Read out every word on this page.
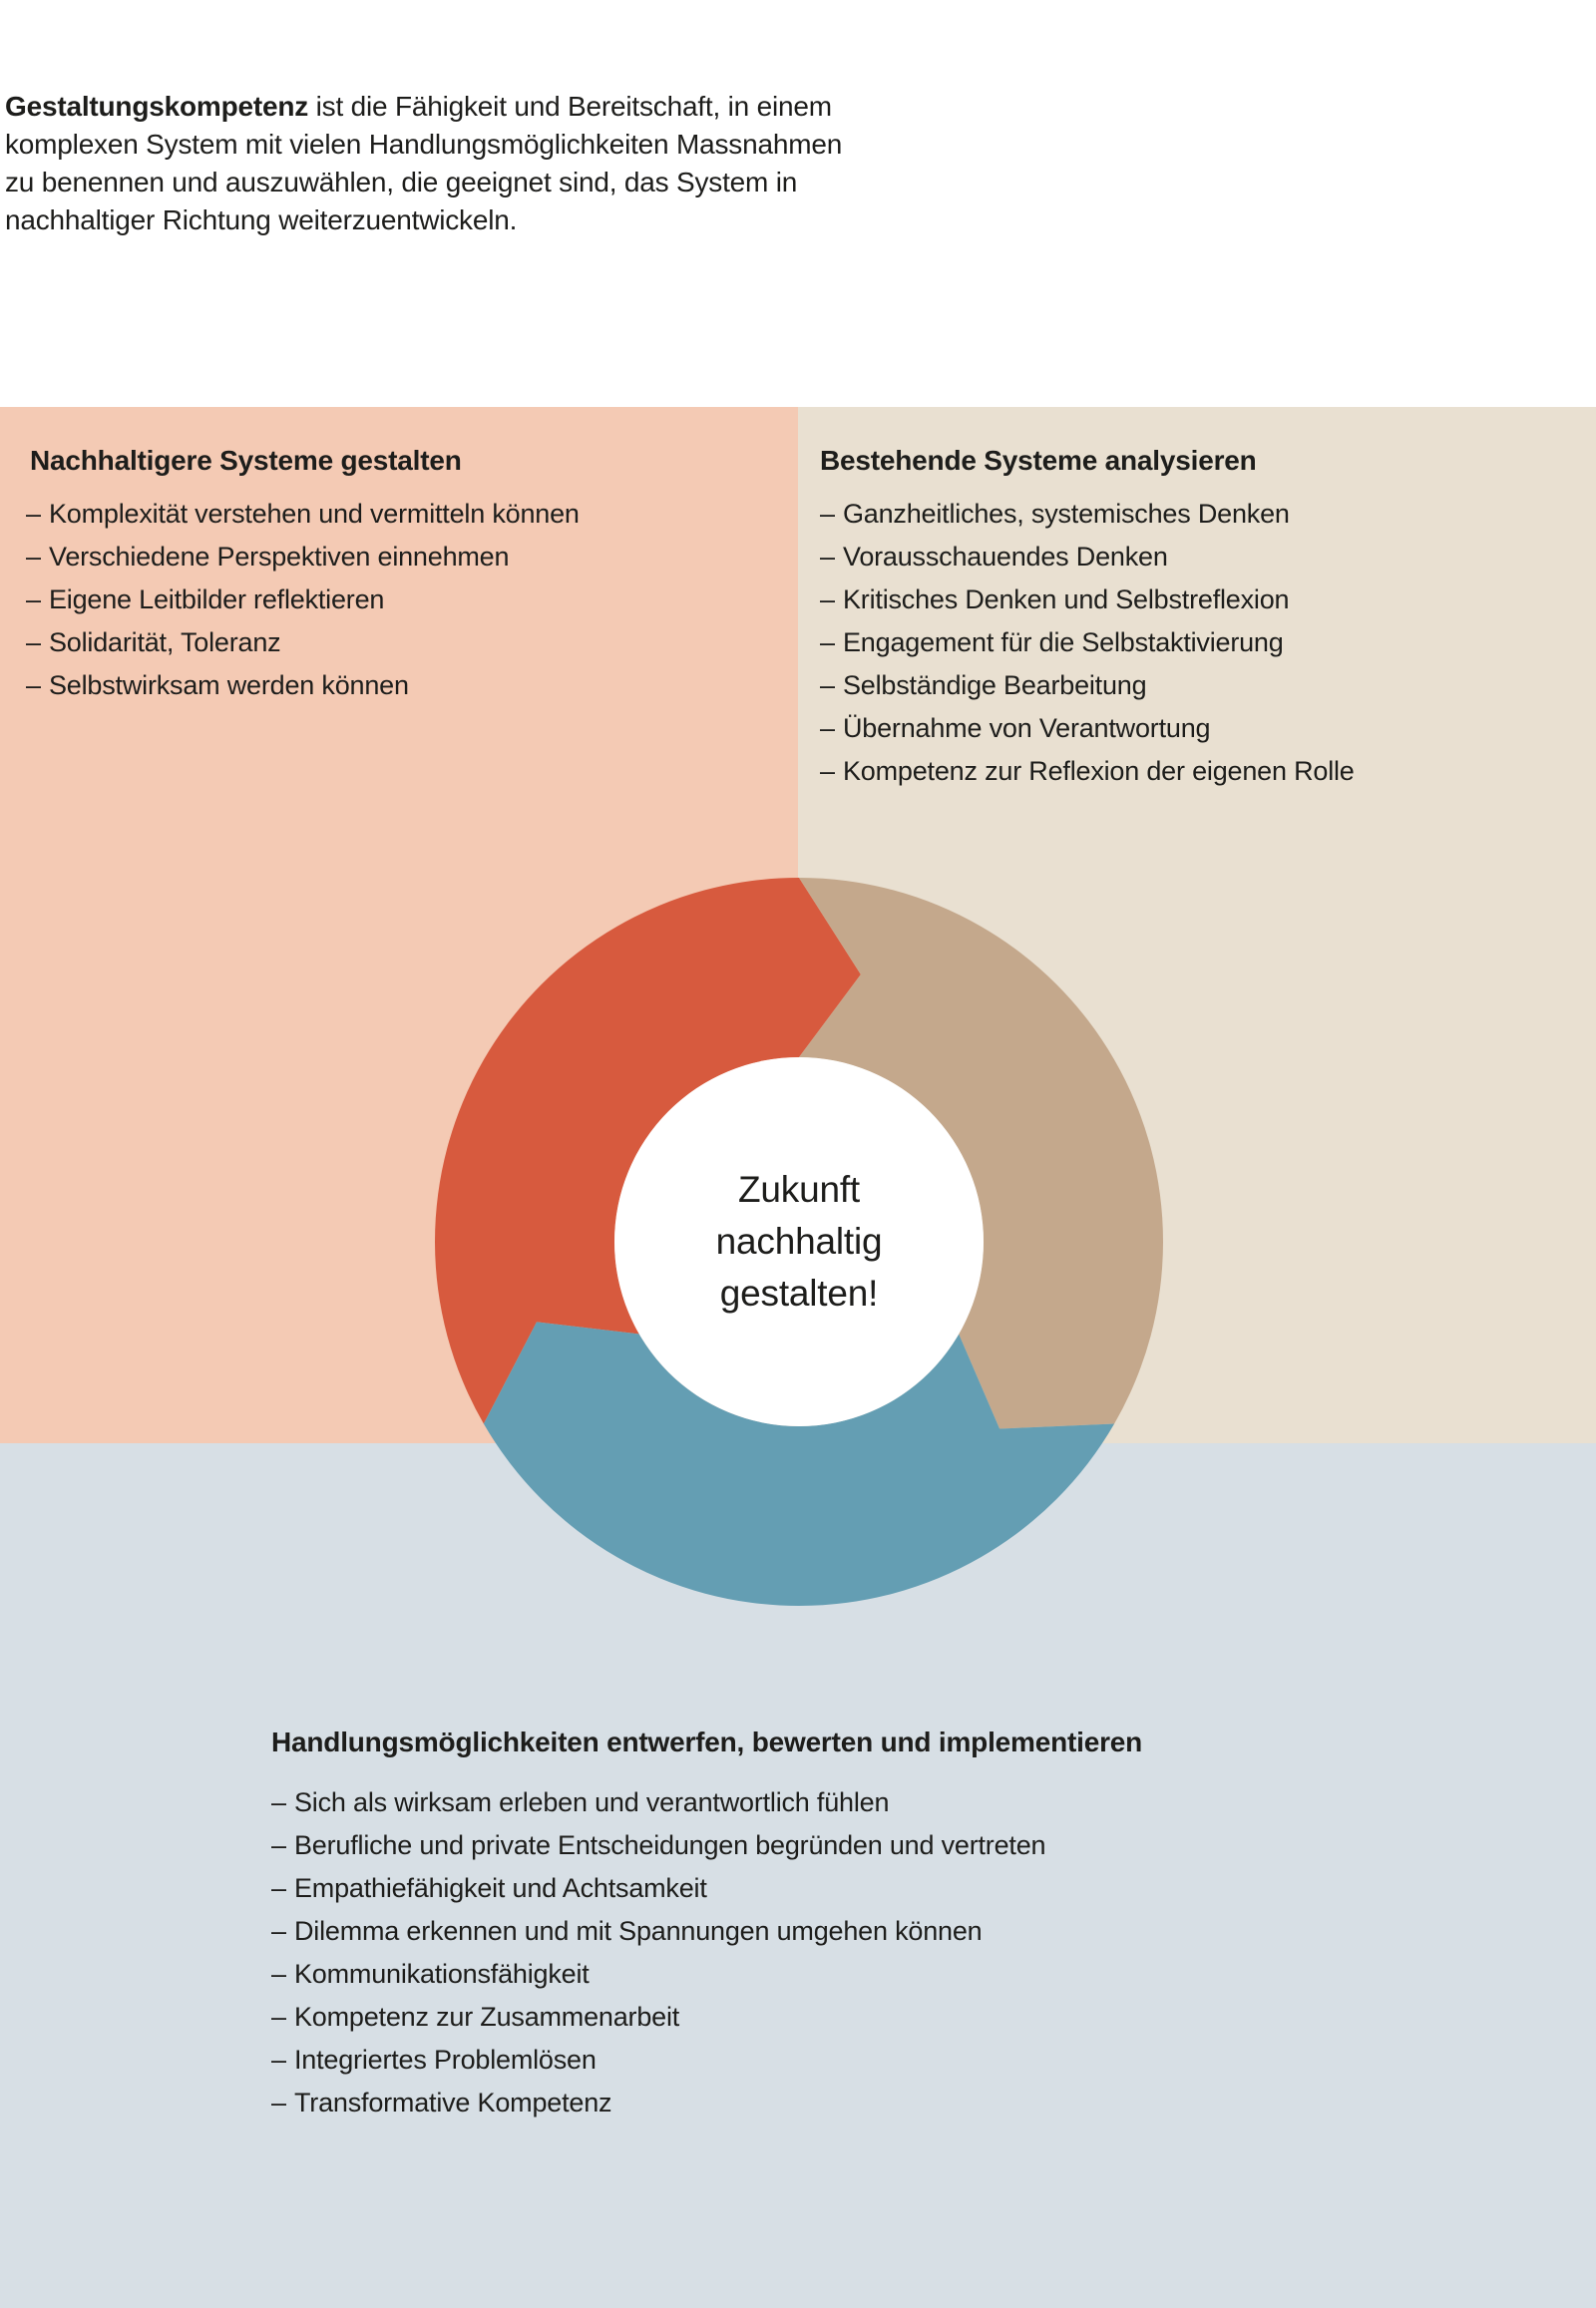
Gestaltungskompetenz ist die Fähigkeit und Bereitschaft, in einem
komplexen System mit vielen Handlungsmöglichkeiten Massnahmen
zu benennen und auszuwählen, die geeignet sind, das System in
nachhaltiger Richtung weiterzuentwickeln.
Nachhaltigere Systeme gestalten	Bestehende Systeme analysieren
Handlungsmöglichkeiten entwerfen, bewerten und implementieren
– Komplexität verstehen und vermitteln können
– Verschiedene Perspektiven einnehmen
– Eigene Leitbilder reflektieren
– Solidarität, Toleranz
– Selbstwirksam werden können
– Ganzheitliches, systemisches Denken
– Vorausschauendes Denken
– Kritisches Denken und Selbstreflexion
– Engagement für die Selbstaktivierung
– Selbständige Bearbeitung
– Übernahme von Verantwortung
– Kompetenz zur Reflexion der eigenen Rolle
– Sich als wirksam erleben und verantwortlich fühlen
– Berufliche und private Entscheidungen begründen und vertreten
– Empathiefähigkeit und Achtsamkeit
– Dilemma erkennen und mit Spannungen umgehen können
– Kommunikationsfähigkeit
– Kompetenz zur Zusammenarbeit
– Integriertes Problemlösen
– Transformative Kompetenz
Zukunft
nachhaltig
gestalten!
